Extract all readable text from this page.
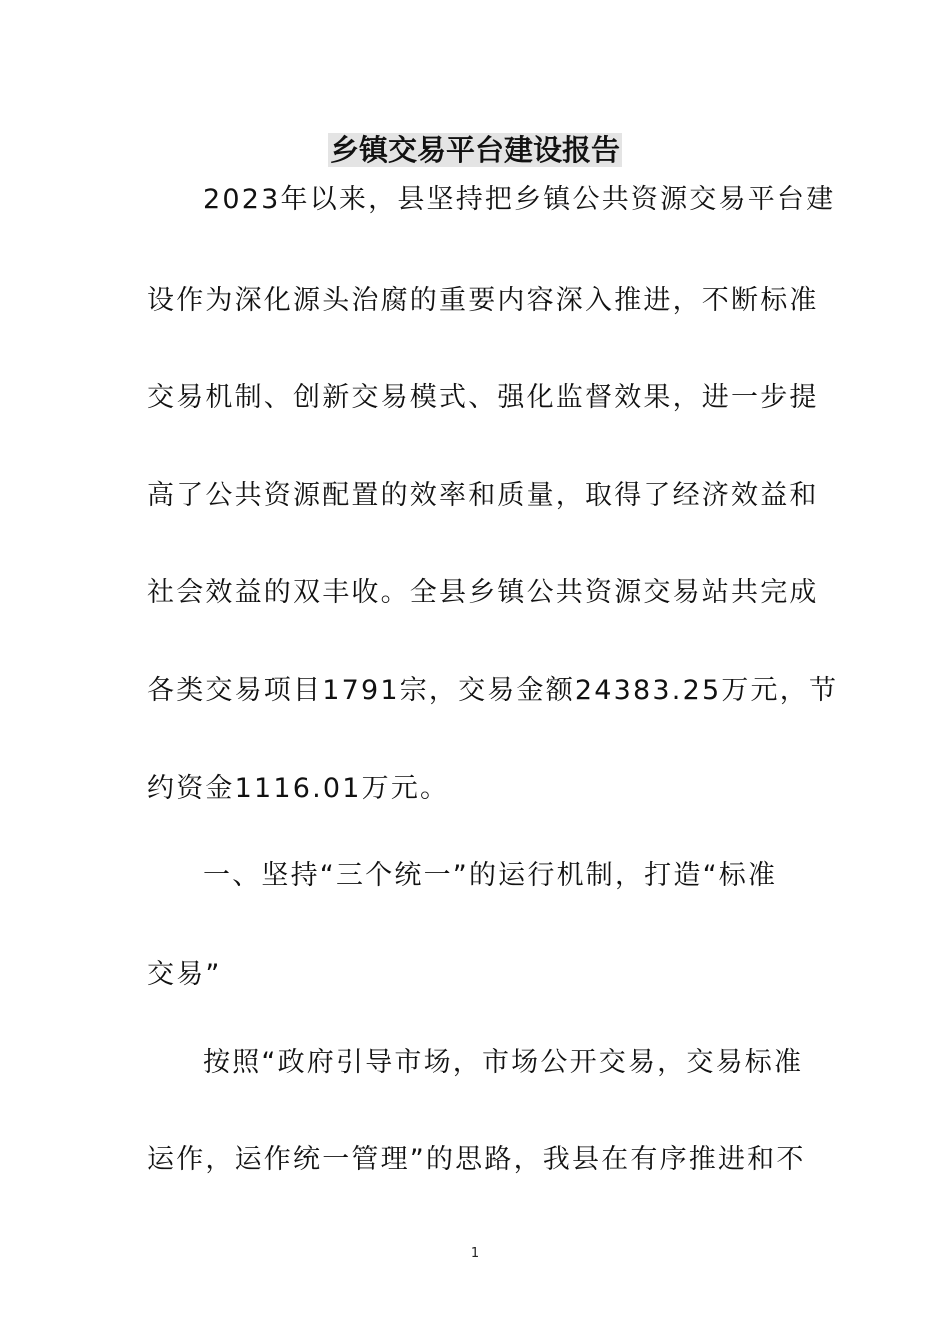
乡镇交易平台建设报告
2023年以来，县坚持把乡镇公共资源交易平台建
设作为深化源头治腐的重要内容深入推进，不断标准
交易机制、创新交易模式、强化监督效果，进一步提
高了公共资源配置的效率和质量，取得了经济效益和
社会效益的双丰收。全县乡镇公共资源交易站共完成
各类交易项目1791宗，交易金额24383.25万元，节
约资金1116.01万元。
一、坚持“三个统一”的运行机制，打造“标准
交易”
按照“政府引导市场，市场公开交易，交易标准
运作，运作统一管理”的思路，我县在有序推进和不
1
